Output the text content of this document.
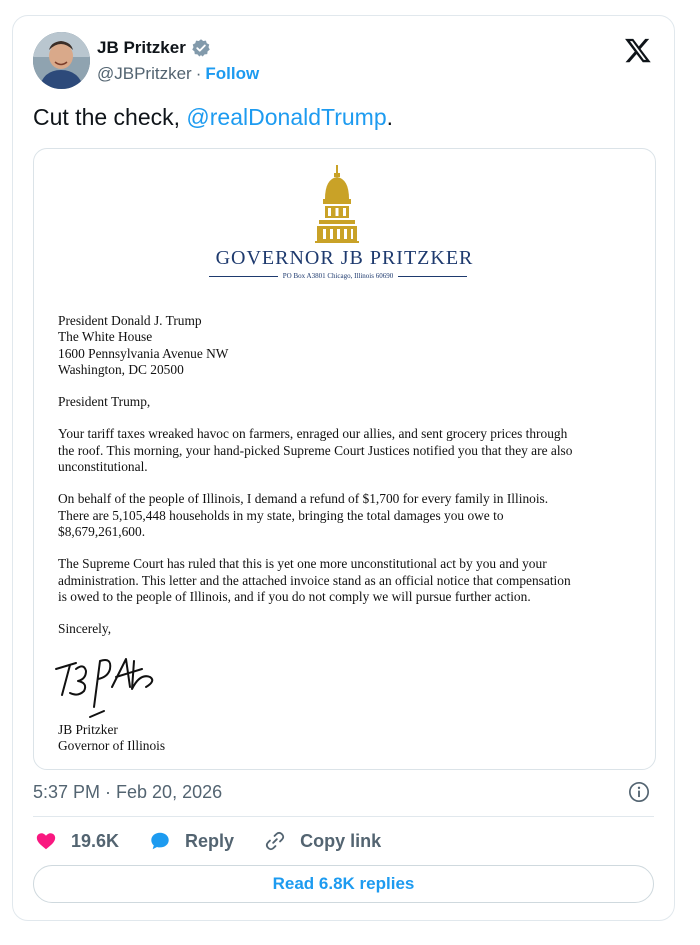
JB Pritzker
@JBPritzker · Follow
Cut the check, @realDonaldTrump.
GOVERNOR JB PRITZKER
PO Box A3801 Chicago, Illinois 60690

President Donald J. Trump
The White House
1600 Pennsylvania Avenue NW
Washington, DC 20500

President Trump,

Your tariff taxes wreaked havoc on farmers, enraged our allies, and sent grocery prices through
the roof. This morning, your hand-picked Supreme Court Justices notified you that they are also
unconstitutional.

On behalf of the people of Illinois, I demand a refund of $1,700 for every family in Illinois.
There are 5,105,448 households in my state, bringing the total damages you owe to
$8,679,261,600.

The Supreme Court has ruled that this is yet one more unconstitutional act by you and your
administration. This letter and the attached invoice stand as an official notice that compensation
is owed to the people of Illinois, and if you do not comply we will pursue further action.

Sincerely,

JB Pritzker
Governor of Illinois
5:37 PM · Feb 20, 2026
19.6K	Reply	Copy link
Read 6.8K replies
